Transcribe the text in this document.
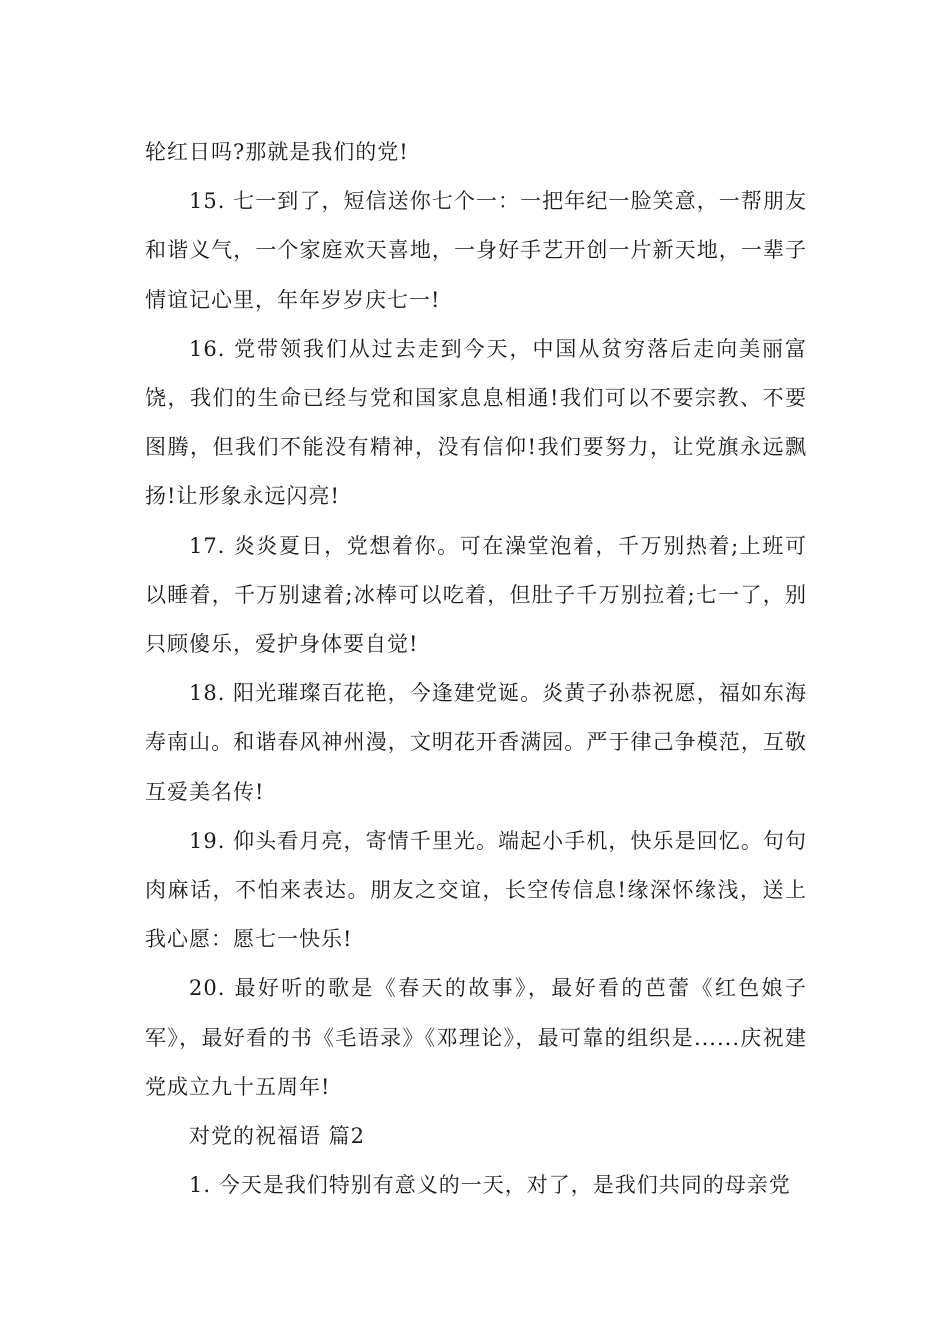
轮红日吗?那就是我们的党!

15. 七一到了，短信送你七个一：一把年纪一脸笑意，一帮朋友和谐义气，一个家庭欢天喜地，一身好手艺开创一片新天地，一辈子情谊记心里，年年岁岁庆七一!

16. 党带领我们从过去走到今天，中国从贫穷落后走向美丽富饶，我们的生命已经与党和国家息息相通!我们可以不要宗教、不要图腾，但我们不能没有精神，没有信仰!我们要努力，让党旗永远飘扬!让形象永远闪亮!

17. 炎炎夏日，党想着你。可在澡堂泡着，千万别热着;上班可以睡着，千万别逮着;冰棒可以吃着，但肚子千万别拉着;七一了，别只顾傻乐，爱护身体要自觉!

18. 阳光璀璨百花艳，今逢建党诞。炎黄子孙恭祝愿，福如东海寿南山。和谐春风神州漫，文明花开香满园。严于律己争模范，互敬互爱美名传!

19. 仰头看月亮，寄情千里光。端起小手机，快乐是回忆。句句肉麻话，不怕来表达。朋友之交谊，长空传信息!缘深怀缘浅，送上我心愿：愿七一快乐!

20. 最好听的歌是《春天的故事》，最好看的芭蕾《红色娘子军》，最好看的书《毛语录》《邓理论》，最可靠的组织是......庆祝建党成立九十五周年!

对党的祝福语 篇2

1. 今天是我们特别有意义的一天，对了，是我们共同的母亲党
